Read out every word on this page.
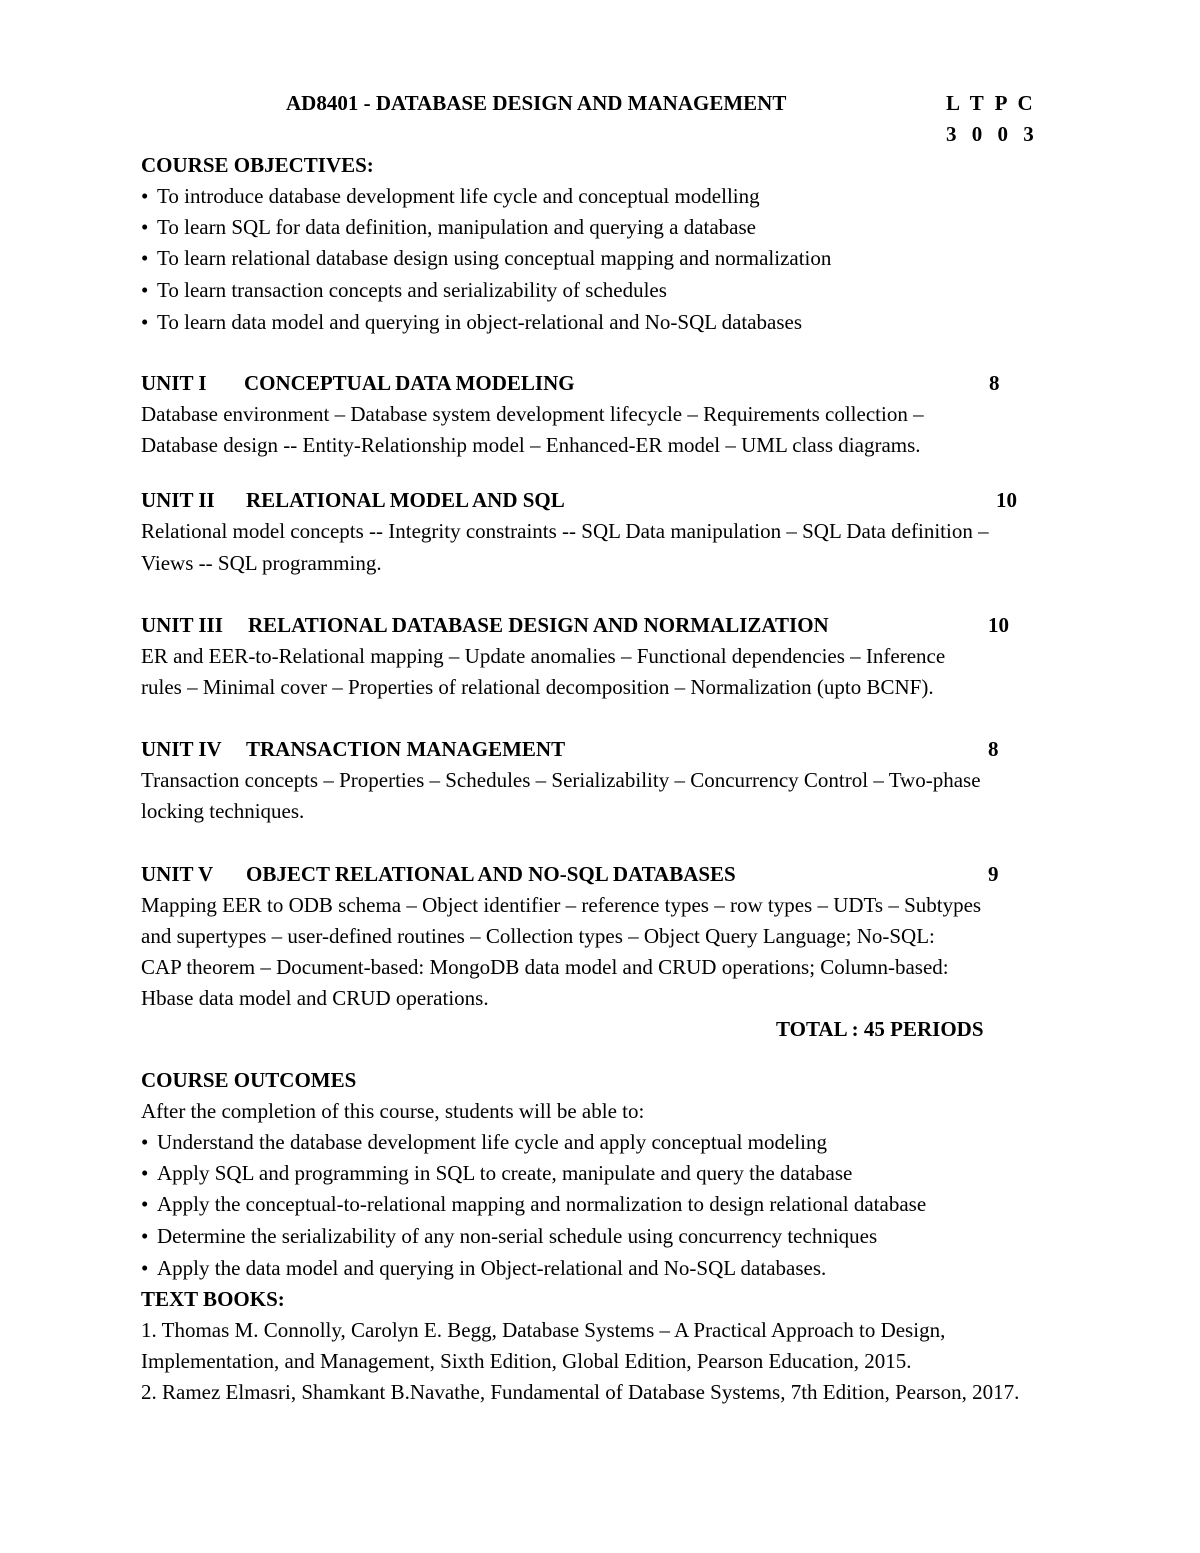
AD8401 - DATABASE DESIGN AND MANAGEMENT	L T P C
3 0 0 3
COURSE OBJECTIVES:
• To introduce database development life cycle and conceptual modelling
• To learn SQL for data definition, manipulation and querying a database
• To learn relational database design using conceptual mapping and normalization
• To learn transaction concepts and serializability of schedules
• To learn data model and querying in object-relational and No-SQL databases
UNIT I CONCEPTUAL DATA MODELING	8
Database environment – Database system development lifecycle – Requirements collection –
Database design -- Entity-Relationship model – Enhanced-ER model – UML class diagrams.
UNIT II RELATIONAL MODEL AND SQL	10
Relational model concepts -- Integrity constraints -- SQL Data manipulation – SQL Data definition –
Views -- SQL programming.
UNIT III RELATIONAL DATABASE DESIGN AND NORMALIZATION	10
ER and EER-to-Relational mapping – Update anomalies – Functional dependencies – Inference
rules – Minimal cover – Properties of relational decomposition – Normalization (upto BCNF).
UNIT IV TRANSACTION MANAGEMENT	8
Transaction concepts – Properties – Schedules – Serializability – Concurrency Control – Two-phase
locking techniques.
UNIT V OBJECT RELATIONAL AND NO-SQL DATABASES	9
Mapping EER to ODB schema – Object identifier – reference types – row types – UDTs – Subtypes
and supertypes – user-defined routines – Collection types – Object Query Language; No-SQL:
CAP theorem – Document-based: MongoDB data model and CRUD operations; Column-based:
Hbase data model and CRUD operations.
TOTAL : 45 PERIODS
COURSE OUTCOMES
After the completion of this course, students will be able to:
• Understand the database development life cycle and apply conceptual modeling
• Apply SQL and programming in SQL to create, manipulate and query the database
• Apply the conceptual-to-relational mapping and normalization to design relational database
• Determine the serializability of any non-serial schedule using concurrency techniques
• Apply the data model and querying in Object-relational and No-SQL databases.
TEXT BOOKS:
1. Thomas M. Connolly, Carolyn E. Begg, Database Systems – A Practical Approach to Design,
Implementation, and Management, Sixth Edition, Global Edition, Pearson Education, 2015.
2. Ramez Elmasri, Shamkant B.Navathe, Fundamental of Database Systems, 7th Edition, Pearson, 2017.
